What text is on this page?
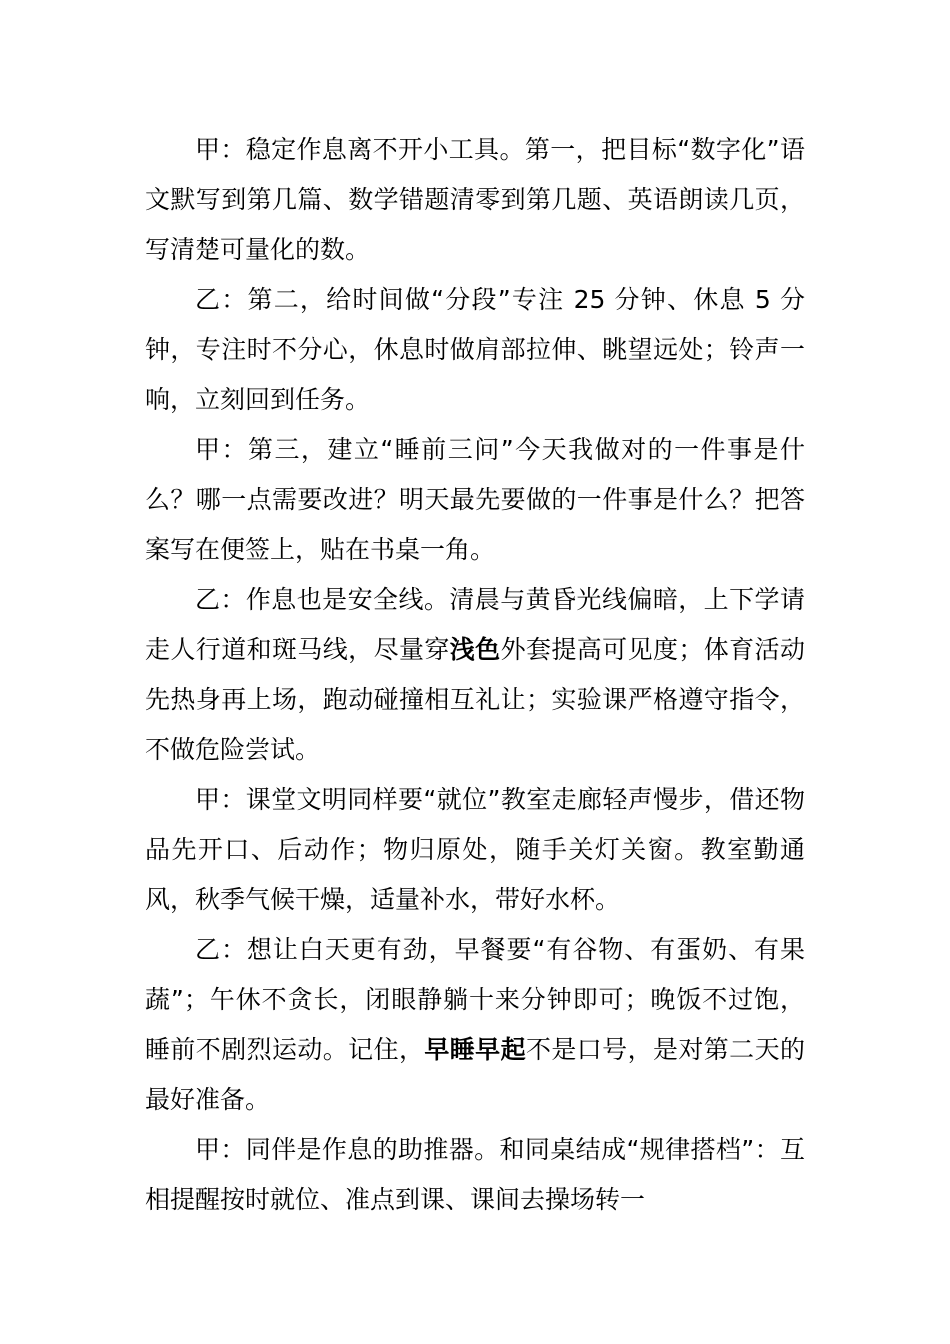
甲：稳定作息离不开小工具。第一，把目标“数字化”语文默写到第几篇、数学错题清零到第几题、英语朗读几页，写清楚可量化的数。

乙：第二，给时间做“分段”专注 25 分钟、休息 5 分钟，专注时不分心，休息时做肩部拉伸、眺望远处；铃声一响，立刻回到任务。

甲：第三，建立“睡前三问”今天我做对的一件事是什么？哪一点需要改进？明天最先要做的一件事是什么？把答案写在便签上，贴在书桌一角。

乙：作息也是安全线。清晨与黄昏光线偏暗，上下学请走人行道和斑马线，尽量穿浅色外套提高可见度；体育活动先热身再上场，跑动碰撞相互礼让；实验课严格遵守指令，不做危险尝试。

甲：课堂文明同样要“就位”教室走廊轻声慢步，借还物品先开口、后动作；物归原处，随手关灯关窗。教室勤通风，秋季气候干燥，适量补水，带好水杯。

乙：想让白天更有劲，早餐要“有谷物、有蛋奶、有果蔬”；午休不贪长，闭眼静躺十来分钟即可；晚饭不过饱，睡前不剧烈运动。记住，早睡早起不是口号，是对第二天的最好准备。

甲：同伴是作息的助推器。和同桌结成“规律搭档”：互相提醒按时就位、准点到课、课间去操场转一
